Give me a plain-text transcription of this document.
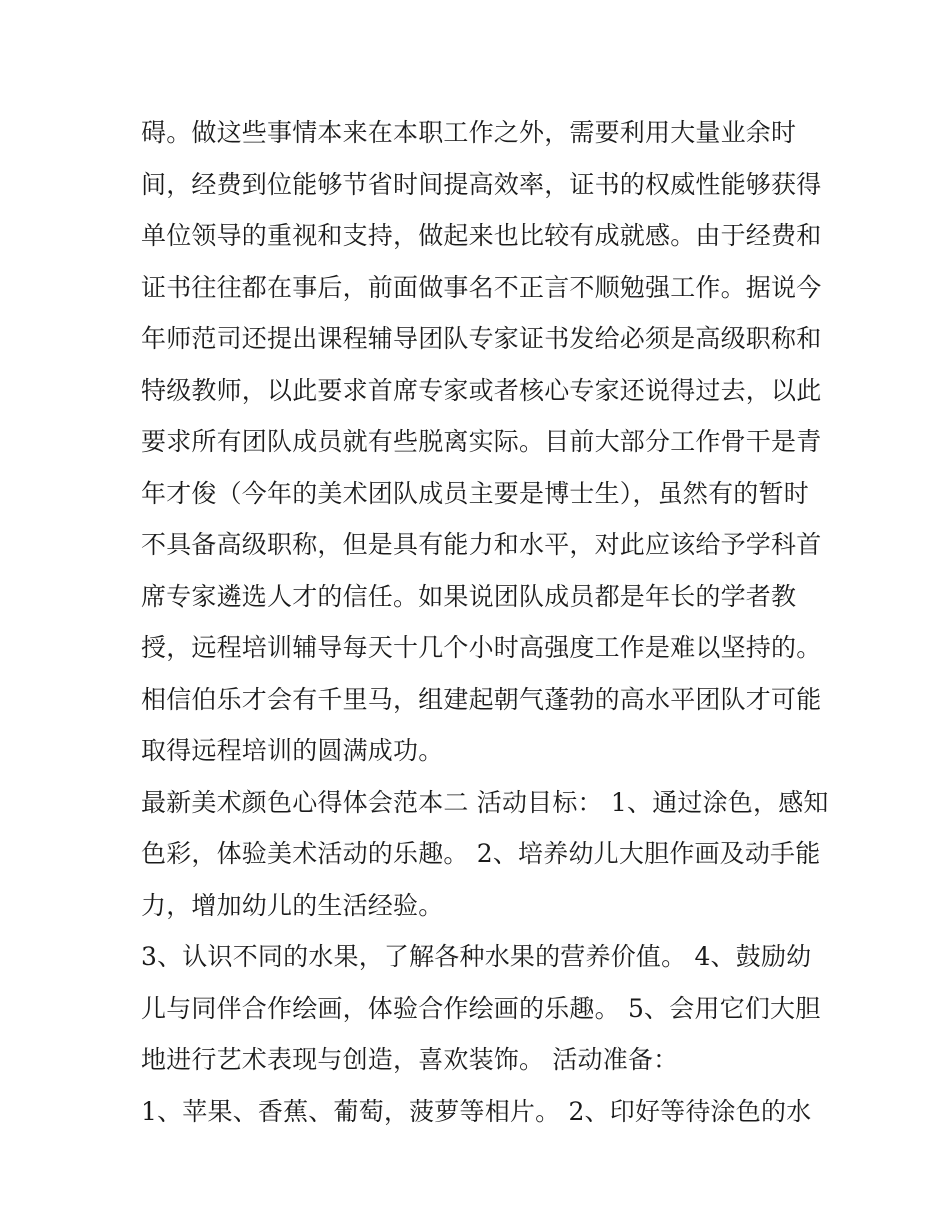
碍。做这些事情本来在本职工作之外，需要利用大量业余时
间，经费到位能够节省时间提高效率，证书的权威性能够获得
单位领导的重视和支持，做起来也比较有成就感。由于经费和
证书往往都在事后，前面做事名不正言不顺勉强工作。据说今
年师范司还提出课程辅导团队专家证书发给必须是高级职称和
特级教师，以此要求首席专家或者核心专家还说得过去，以此
要求所有团队成员就有些脱离实际。目前大部分工作骨干是青
年才俊（今年的美术团队成员主要是博士生），虽然有的暂时
不具备高级职称，但是具有能力和水平，对此应该给予学科首
席专家遴选人才的信任。如果说团队成员都是年长的学者教
授，远程培训辅导每天十几个小时高强度工作是难以坚持的。
相信伯乐才会有千里马，组建起朝气蓬勃的高水平团队才可能
取得远程培训的圆满成功。
最新美术颜色心得体会范本二 活动目标： 1、通过涂色，感知
色彩，体验美术活动的乐趣。 2、培养幼儿大胆作画及动手能
力，增加幼儿的生活经验。
3、认识不同的水果，了解各种水果的营养价值。 4、鼓励幼
儿与同伴合作绘画，体验合作绘画的乐趣。 5、会用它们大胆
地进行艺术表现与创造，喜欢装饰。 活动准备：
1、苹果、香蕉、葡萄，菠萝等相片。 2、印好等待涂色的水
